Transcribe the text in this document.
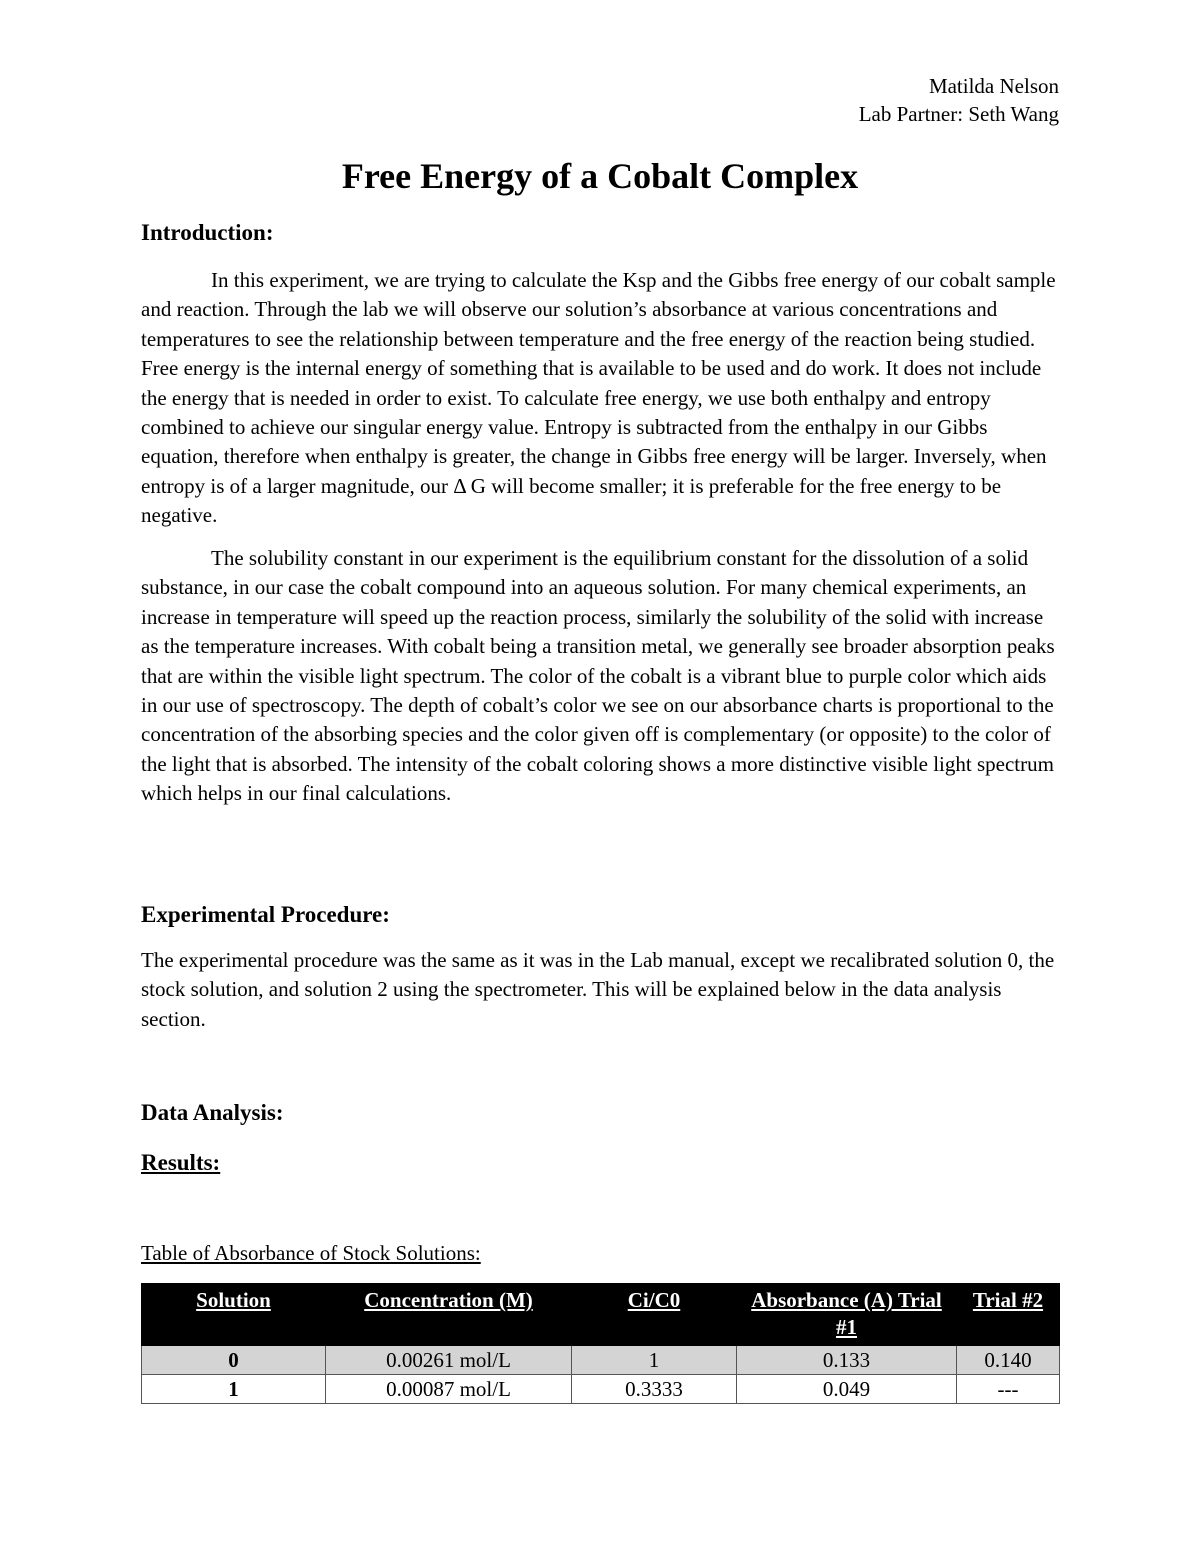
Matilda Nelson
Lab Partner: Seth Wang
Free Energy of a Cobalt Complex
Introduction:

In this experiment, we are trying to calculate the Ksp and the Gibbs free energy of our cobalt sample and reaction. Through the lab we will observe our solution’s absorbance at various concentrations and temperatures to see the relationship between temperature and the free energy of the reaction being studied. Free energy is the internal energy of something that is available to be used and do work. It does not include the energy that is needed in order to exist. To calculate free energy, we use both enthalpy and entropy combined to achieve our singular energy value. Entropy is subtracted from the enthalpy in our Gibbs equation, therefore when enthalpy is greater, the change in Gibbs free energy will be larger. Inversely, when entropy is of a larger magnitude, our Δ G will become smaller; it is preferable for the free energy to be negative.

The solubility constant in our experiment is the equilibrium constant for the dissolution of a solid substance, in our case the cobalt compound into an aqueous solution. For many chemical experiments, an increase in temperature will speed up the reaction process, similarly the solubility of the solid with increase as the temperature increases. With cobalt being a transition metal, we generally see broader absorption peaks that are within the visible light spectrum. The color of the cobalt is a vibrant blue to purple color which aids in our use of spectroscopy. The depth of cobalt’s color we see on our absorbance charts is proportional to the concentration of the absorbing species and the color given off is complementary (or opposite) to the color of the light that is absorbed. The intensity of the cobalt coloring shows a more distinctive visible light spectrum which helps in our final calculations.

Experimental Procedure:

The experimental procedure was the same as it was in the Lab manual, except we recalibrated solution 0, the stock solution, and solution 2 using the spectrometer. This will be explained below in the data analysis section.

Data Analysis:
Results:
Table of Absorbance of Stock Solutions:
Solution	Concentration (M)	Ci/C0	Absorbance (A) Trial #1	Trial #2
0	0.00261 mol/L	1	0.133	0.140
1	0.00087 mol/L	0.3333	0.049	---
